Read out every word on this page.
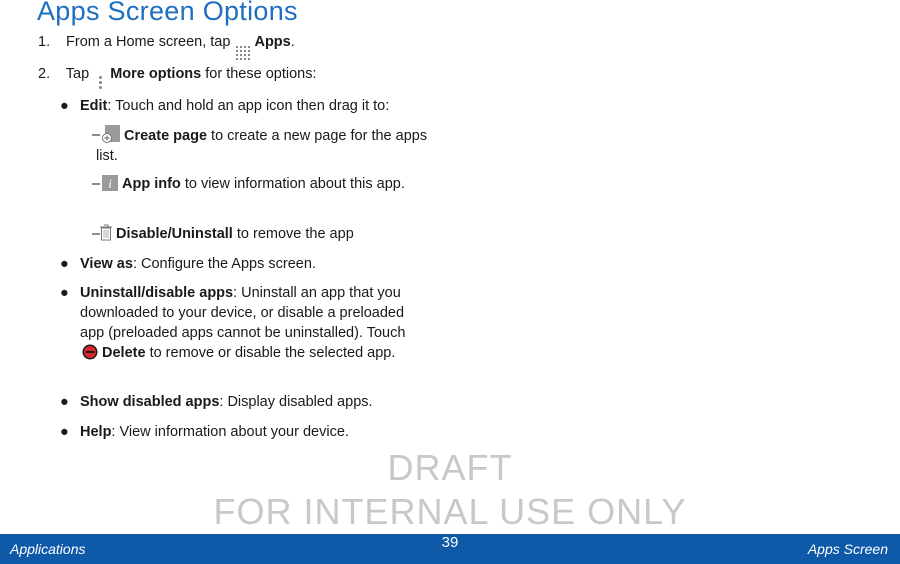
Apps Screen Options
1. From a Home screen, tap Apps.
2. Tap More options for these options:
● Edit: Touch and hold an app icon then drag it to:
– Create page to create a new page for the apps list.
– i App info to view information about this app.
– Disable/Uninstall to remove the app
● View as: Configure the Apps screen.
● Uninstall/disable apps: Uninstall an app that you downloaded to your device, or disable a preloaded app (preloaded apps cannot be uninstalled). Touch Delete to remove or disable the selected app.
● Show disabled apps: Display disabled apps.
● Help: View information about your device.
DRAFT
FOR INTERNAL USE ONLY
Applications	39	Apps Screen
